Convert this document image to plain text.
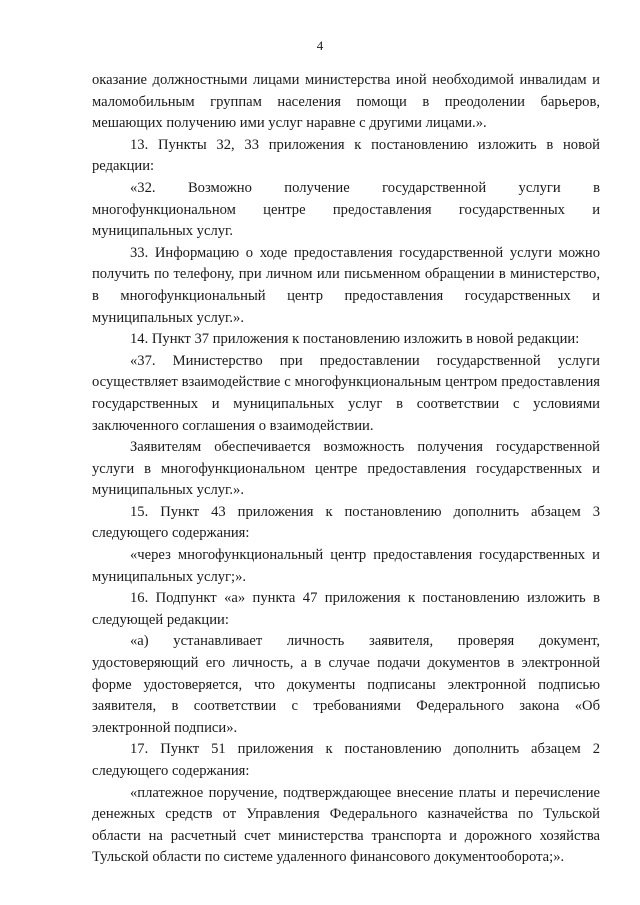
4

оказание должностными лицами министерства иной необходимой инвалидам и маломобильным группам населения помощи в преодолении барьеров, мешающих получению ими услуг наравне с другими лицами.».

13. Пункты 32, 33 приложения к постановлению изложить в новой редакции:

«32. Возможно получение государственной услуги в многофункциональном центре предоставления государственных и муниципальных услуг.

33. Информацию о ходе предоставления государственной услуги можно получить по телефону, при личном или письменном обращении в министерство, в многофункциональный центр предоставления государственных и муниципальных услуг.».

14. Пункт 37 приложения к постановлению изложить в новой редакции:

«37. Министерство при предоставлении государственной услуги осуществляет взаимодействие с многофункциональным центром предоставления государственных и муниципальных услуг в соответствии с условиями заключенного соглашения о взаимодействии.

Заявителям обеспечивается возможность получения государственной услуги в многофункциональном центре предоставления государственных и муниципальных услуг.».

15. Пункт 43 приложения к постановлению дополнить абзацем 3 следующего содержания:

«через многофункциональный центр предоставления государственных и муниципальных услуг;».

16. Подпункт «а» пункта 47 приложения к постановлению изложить в следующей редакции:

«а) устанавливает личность заявителя, проверяя документ, удостоверяющий его личность, а в случае подачи документов в электронной форме удостоверяется, что документы подписаны электронной подписью заявителя, в соответствии с требованиями Федерального закона «Об электронной подписи».

17. Пункт 51 приложения к постановлению дополнить абзацем 2 следующего содержания:

«платежное поручение, подтверждающее внесение платы и перечисление денежных средств от Управления Федерального казначейства по Тульской области на расчетный счет министерства транспорта и дорожного хозяйства Тульской области по системе удаленного финансового документооборота;».
